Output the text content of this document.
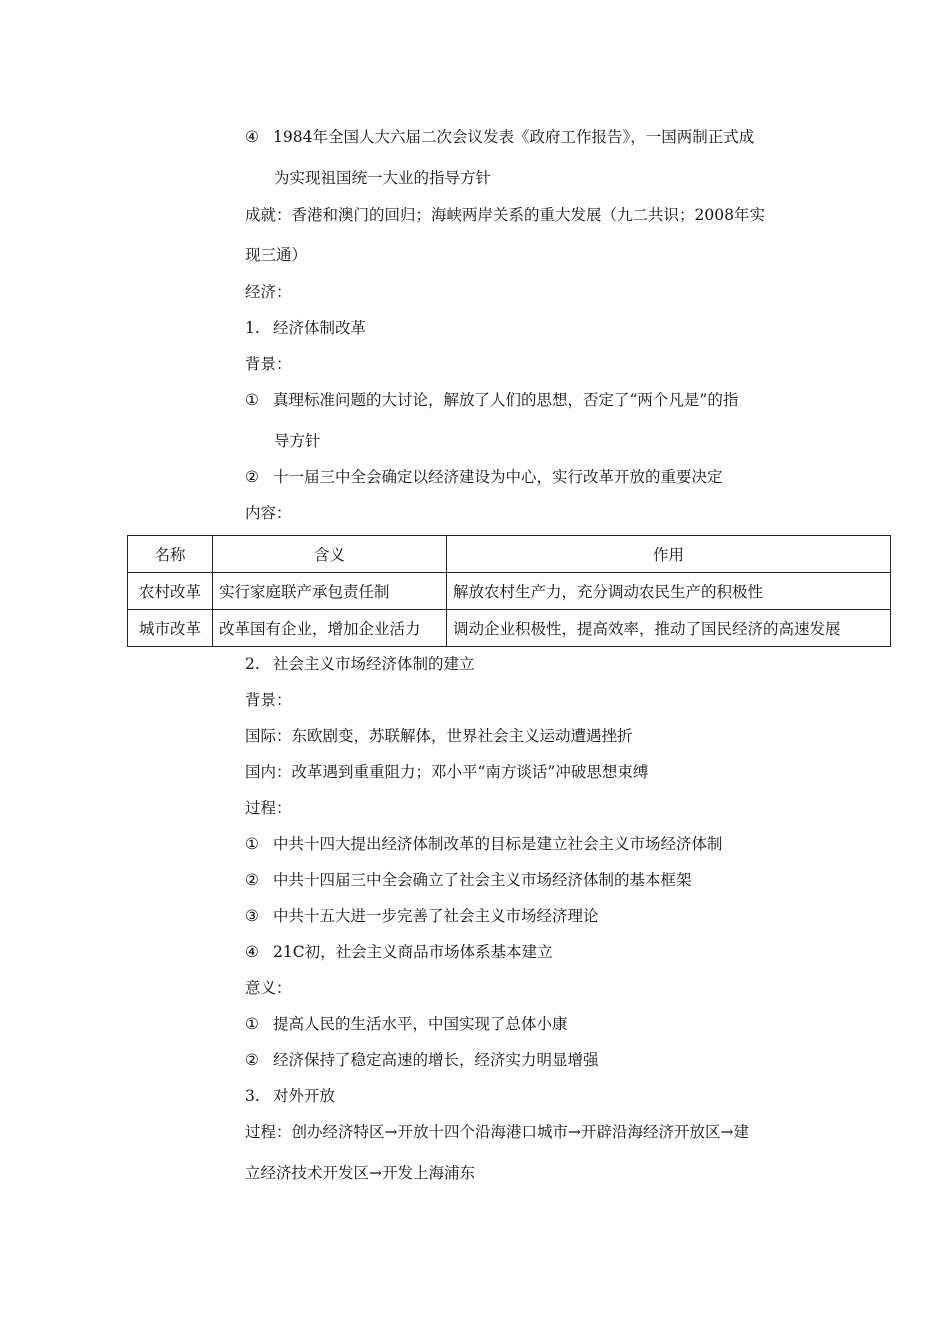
④ 1984年全国人大六届二次会议发表《政府工作报告》，一国两制正式成
为实现祖国统一大业的指导方针
成就：香港和澳门的回归；海峡两岸关系的重大发展（九二共识；2008年实
现三通）
经济：
1. 经济体制改革
背景：
① 真理标准问题的大讨论，解放了人们的思想，否定了“两个凡是”的指
导方针
② 十一届三中全会确定以经济建设为中心，实行改革开放的重要决定
内容：
名称	含义	作用
农村改革	实行家庭联产承包责任制	解放农村生产力，充分调动农民生产的积极性
城市改革	改革国有企业，增加企业活力	调动企业积极性，提高效率，推动了国民经济的高速发展
2. 社会主义市场经济体制的建立
背景：
国际：东欧剧变，苏联解体，世界社会主义运动遭遇挫折
国内：改革遇到重重阻力；邓小平“南方谈话”冲破思想束缚
过程：
① 中共十四大提出经济体制改革的目标是建立社会主义市场经济体制
② 中共十四届三中全会确立了社会主义市场经济体制的基本框架
③ 中共十五大进一步完善了社会主义市场经济理论
④ 21C初，社会主义商品市场体系基本建立
意义：
① 提高人民的生活水平，中国实现了总体小康
② 经济保持了稳定高速的增长，经济实力明显增强
3. 对外开放
过程：创办经济特区→开放十四个沿海港口城市→开辟沿海经济开放区→建
立经济技术开发区→开发上海浦东
